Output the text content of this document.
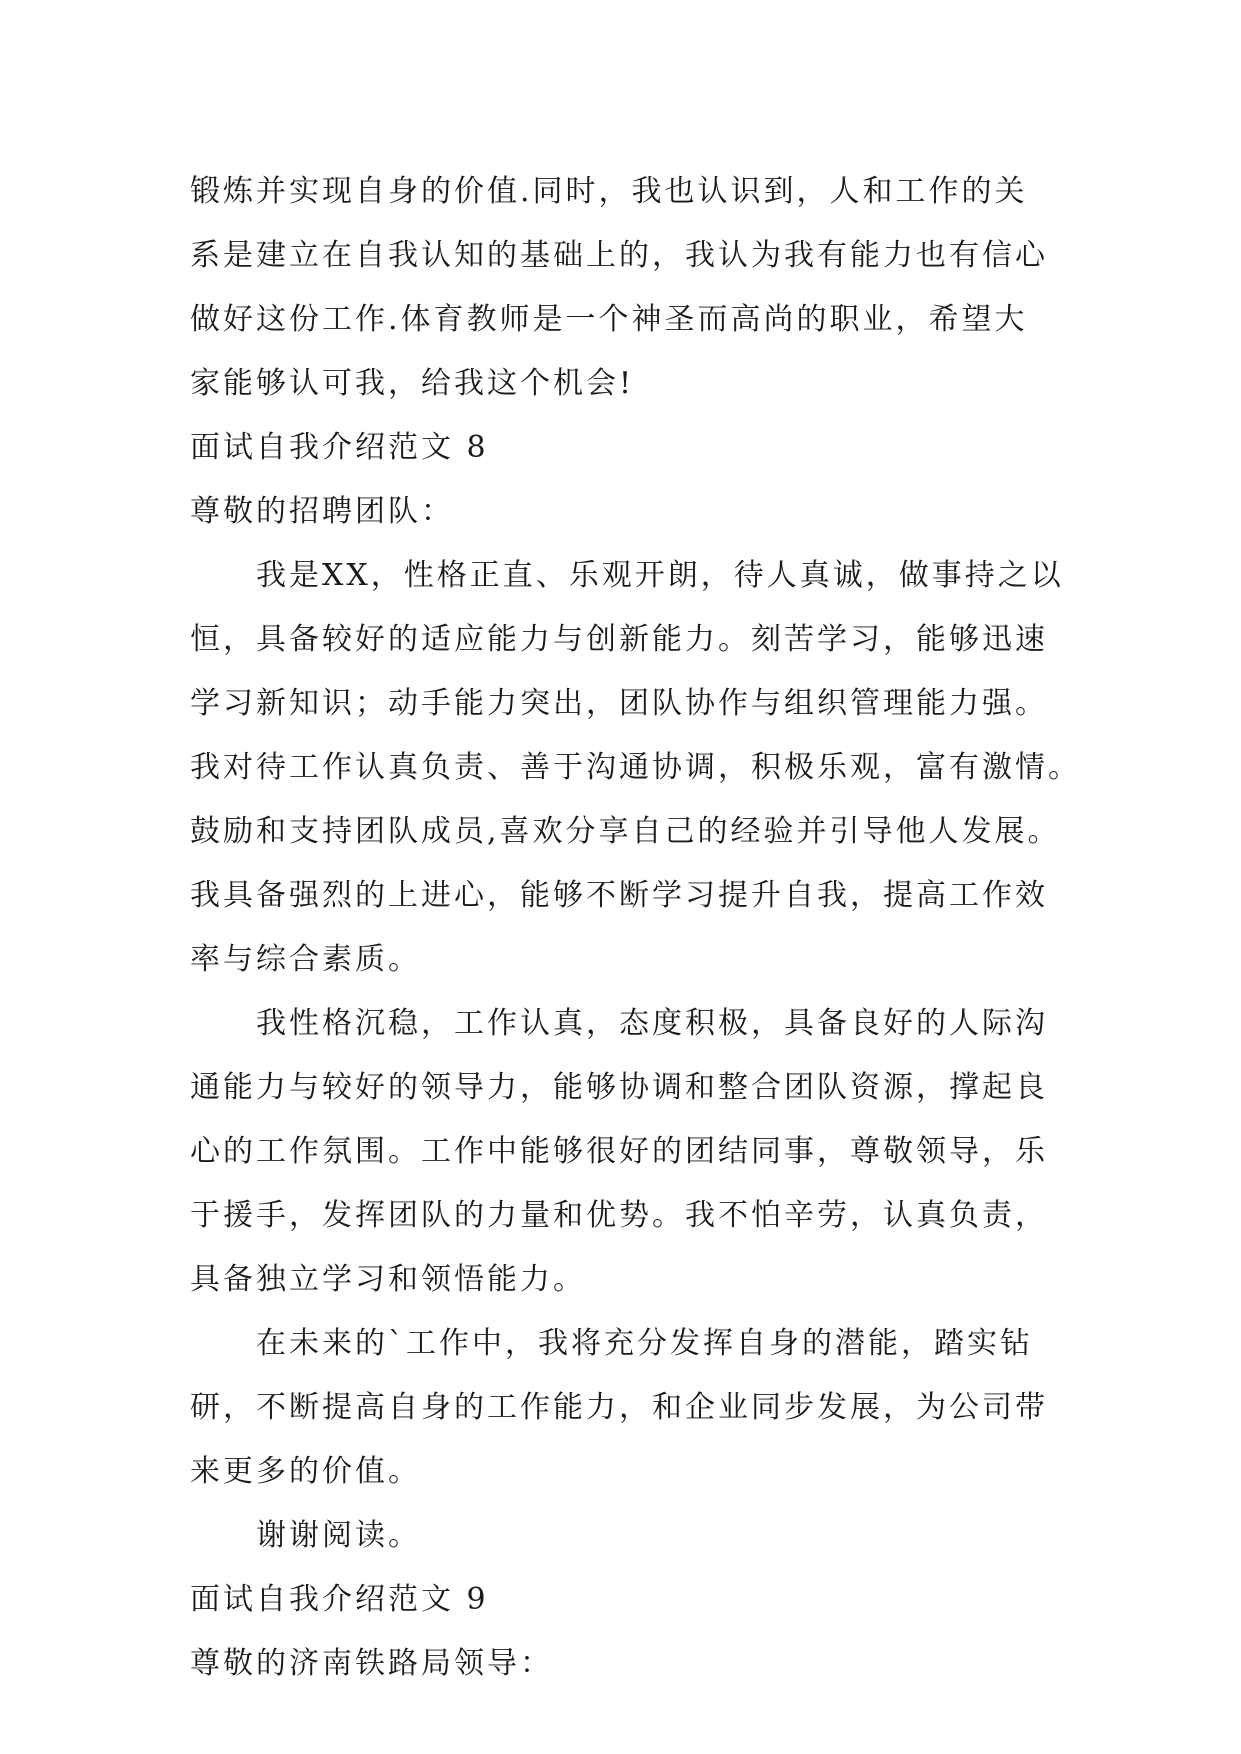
锻炼并实现自身的价值.同时，我也认识到，人和工作的关
系是建立在自我认知的基础上的，我认为我有能力也有信心
做好这份工作.体育教师是一个神圣而高尚的职业，希望大
家能够认可我，给我这个机会!
面试自我介绍范文 8
尊敬的招聘团队：
我是XX，性格正直、乐观开朗，待人真诚，做事持之以
恒，具备较好的适应能力与创新能力。刻苦学习，能够迅速
学习新知识；动手能力突出，团队协作与组织管理能力强。
我对待工作认真负责、善于沟通协调，积极乐观，富有激情。
鼓励和支持团队成员,喜欢分享自己的经验并引导他人发展。
我具备强烈的上进心，能够不断学习提升自我，提高工作效
率与综合素质。
我性格沉稳，工作认真，态度积极，具备良好的人际沟
通能力与较好的领导力，能够协调和整合团队资源，撑起良
心的工作氛围。工作中能够很好的团结同事，尊敬领导，乐
于援手，发挥团队的力量和优势。我不怕辛劳，认真负责，
具备独立学习和领悟能力。
在未来的`工作中，我将充分发挥自身的潜能，踏实钻
研，不断提高自身的工作能力，和企业同步发展，为公司带
来更多的价值。
谢谢阅读。
面试自我介绍范文 9
尊敬的济南铁路局领导：
